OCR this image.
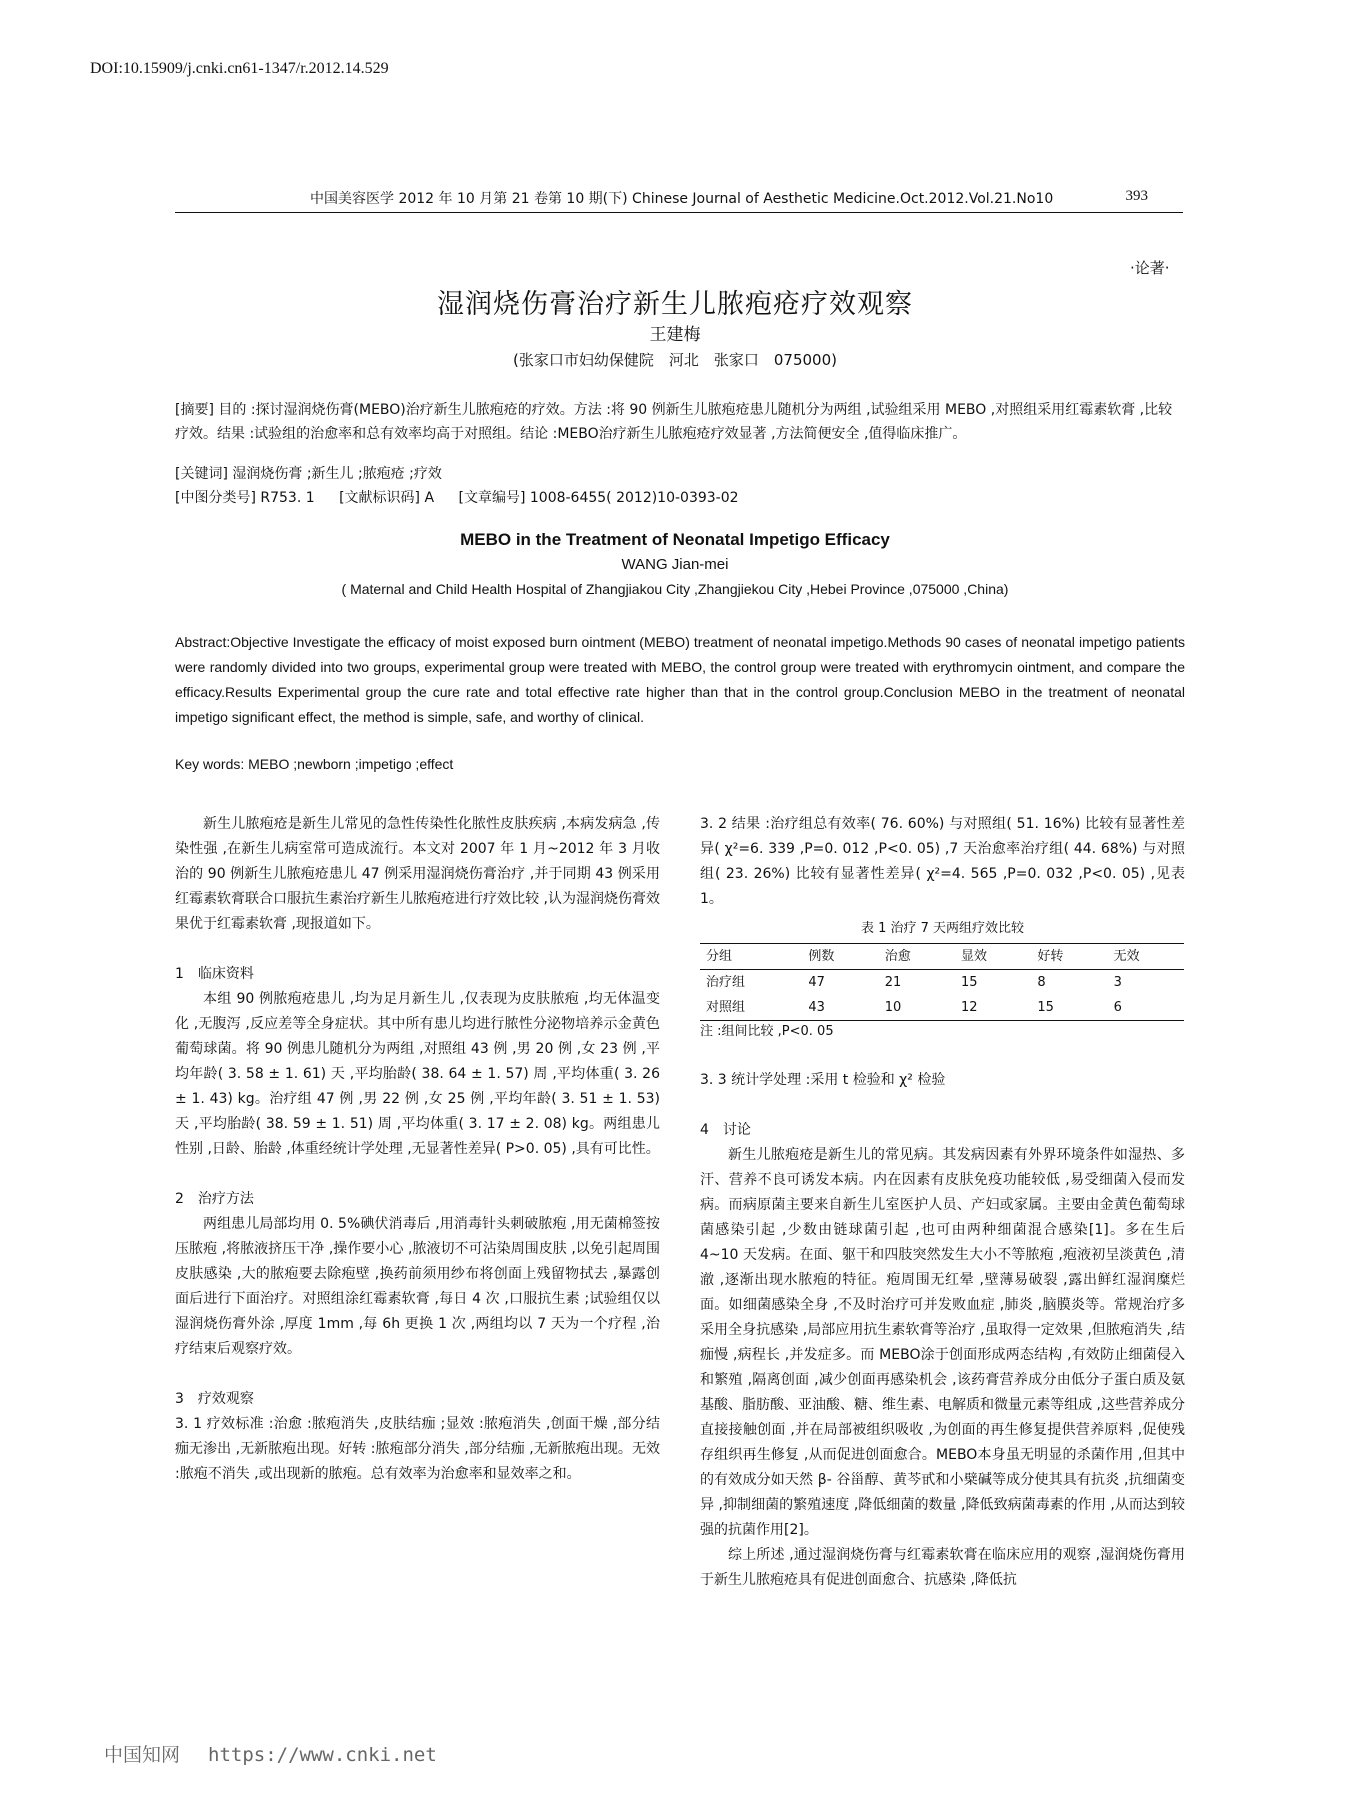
DOI:10.15909/j.cnki.cn61-1347/r.2012.14.529
中国美容医学 2012 年 10 月第 21 卷第 10 期(下) Chinese Journal of Aesthetic Medicine.Oct.2012.Vol.21.No10	393
·论著·
湿润烧伤膏治疗新生儿脓疱疮疗效观察
王建梅
(张家口市妇幼保健院　河北　张家口　075000)
[摘要] 目的 :探讨湿润烧伤膏(MEBO)治疗新生儿脓疱疮的疗效。方法 :将 90 例新生儿脓疱疮患儿随机分为两组 ,试验组采用 MEBO ,对照组采用红霉素软膏 ,比较疗效。结果 :试验组的治愈率和总有效率均高于对照组。结论 :MEBO治疗新生儿脓疱疮疗效显著 ,方法简便安全 ,值得临床推广。
[关键词] 湿润烧伤膏 ;新生儿 ;脓疱疮 ;疗效
[中图分类号] R753. 1 [文献标识码] A [文章编号] 1008-6455( 2012)10-0393-02
MEBO in the Treatment of Neonatal Impetigo Efficacy
WANG Jian-mei
( Maternal and Child Health Hospital of Zhangjiakou City ,Zhangjiekou City ,Hebei Province ,075000 ,China)
Abstract:Objective Investigate the efficacy of moist exposed burn ointment (MEBO) treatment of neonatal impetigo.Methods 90 cases of neonatal impetigo patients were randomly divided into two groups, experimental group were treated with MEBO, the control group were treated with erythromycin ointment, and compare the efficacy.Results Experimental group the cure rate and total effective rate higher than that in the control group.Conclusion MEBO in the treatment of neonatal impetigo significant effect, the method is simple, safe, and worthy of clinical.
Key words: MEBO ;newborn ;impetigo ;effect

新生儿脓疱疮是新生儿常见的急性传染性化脓性皮肤疾病 ,本病发病急 ,传染性强 ,在新生儿病室常可造成流行。本文对 2007 年 1 月~2012 年 3 月收治的 90 例新生儿脓疱疮患儿 47 例采用湿润烧伤膏治疗 ,并于同期 43 例采用红霉素软膏联合口服抗生素治疗新生儿脓疱疮进行疗效比较 ,认为湿润烧伤膏效果优于红霉素软膏 ,现报道如下。

1　临床资料

本组 90 例脓疱疮患儿 ,均为足月新生儿 ,仅表现为皮肤脓疱 ,均无体温变化 ,无腹泻 ,反应差等全身症状。其中所有患儿均进行脓性分泌物培养示金黄色葡萄球菌。将 90 例患儿随机分为两组 ,对照组 43 例 ,男 20 例 ,女 23 例 ,平均年龄( 3. 58 ± 1. 61) 天 ,平均胎龄( 38. 64 ± 1. 57) 周 ,平均体重( 3. 26 ± 1. 43) kg。治疗组 47 例 ,男 22 例 ,女 25 例 ,平均年龄( 3. 51 ± 1. 53) 天 ,平均胎龄( 38. 59 ± 1. 51) 周 ,平均体重( 3. 17 ± 2. 08) kg。两组患儿性别 ,日龄、胎龄 ,体重经统计学处理 ,无显著性差异( P>0. 05) ,具有可比性。

2　治疗方法

两组患儿局部均用 0. 5%碘伏消毒后 ,用消毒针头刺破脓疱 ,用无菌棉签按压脓疱 ,将脓液挤压干净 ,操作要小心 ,脓液切不可沾染周围皮肤 ,以免引起周围皮肤感染 ,大的脓疱要去除疱壁 ,换药前须用纱布将创面上残留物拭去 ,暴露创面后进行下面治疗。对照组涂红霉素软膏 ,每日 4 次 ,口服抗生素 ;试验组仅以湿润烧伤膏外涂 ,厚度 1mm ,每 6h 更换 1 次 ,两组均以 7 天为一个疗程 ,治疗结束后观察疗效。

3　疗效观察

3. 1 疗效标准 :治愈 :脓疱消失 ,皮肤结痂 ;显效 :脓疱消失 ,创面干燥 ,部分结痂无渗出 ,无新脓疱出现。好转 :脓疱部分消失 ,部分结痂 ,无新脓疱出现。无效 :脓疱不消失 ,或出现新的脓疱。总有效率为治愈率和显效率之和。

3. 2 结果 :治疗组总有效率( 76. 60%) 与对照组( 51. 16%) 比较有显著性差异( χ²=6. 339 ,P=0. 012 ,P<0. 05) ,7 天治愈率治疗组( 44. 68%) 与对照组( 23. 26%) 比较有显著性差异( χ²=4. 565 ,P=0. 032 ,P<0. 05) ,见表 1。

表 1 治疗 7 天两组疗效比较
分组	例数	治愈	显效	好转	无效
治疗组	47	21	15	8	3
对照组	43	10	12	15	6
注 :组间比较 ,P<0. 05

3. 3 统计学处理 :采用 t 检验和 χ² 检验

4　讨论

新生儿脓疱疮是新生儿的常见病。其发病因素有外界环境条件如湿热、多汗、营养不良可诱发本病。内在因素有皮肤免疫功能较低 ,易受细菌入侵而发病。而病原菌主要来自新生儿室医护人员、产妇或家属。主要由金黄色葡萄球菌感染引起 ,少数由链球菌引起 ,也可由两种细菌混合感染[1]。多在生后 4~10 天发病。在面、躯干和四肢突然发生大小不等脓疱 ,疱液初呈淡黄色 ,清澈 ,逐渐出现水脓疱的特征。疱周围无红晕 ,壁薄易破裂 ,露出鲜红湿润糜烂面。如细菌感染全身 ,不及时治疗可并发败血症 ,肺炎 ,脑膜炎等。常规治疗多采用全身抗感染 ,局部应用抗生素软膏等治疗 ,虽取得一定效果 ,但脓疱消失 ,结痂慢 ,病程长 ,并发症多。而 MEBO涂于创面形成两态结构 ,有效防止细菌侵入和繁殖 ,隔离创面 ,减少创面再感染机会 ,该药膏营养成分由低分子蛋白质及氨基酸、脂肪酸、亚油酸、糖、维生素、电解质和微量元素等组成 ,这些营养成分直接接触创面 ,并在局部被组织吸收 ,为创面的再生修复提供营养原料 ,促使残存组织再生修复 ,从而促进创面愈合。MEBO本身虽无明显的杀菌作用 ,但其中的有效成分如天然 β- 谷甾醇、黄芩甙和小檗碱等成分使其具有抗炎 ,抗细菌变异 ,抑制细菌的繁殖速度 ,降低细菌的数量 ,降低致病菌毒素的作用 ,从而达到较强的抗菌作用[2]。

综上所述 ,通过湿润烧伤膏与红霉素软膏在临床应用的观察 ,湿润烧伤膏用于新生儿脓疱疮具有促进创面愈合、抗感染 ,降低抗

中国知网 https://www.cnki.net
